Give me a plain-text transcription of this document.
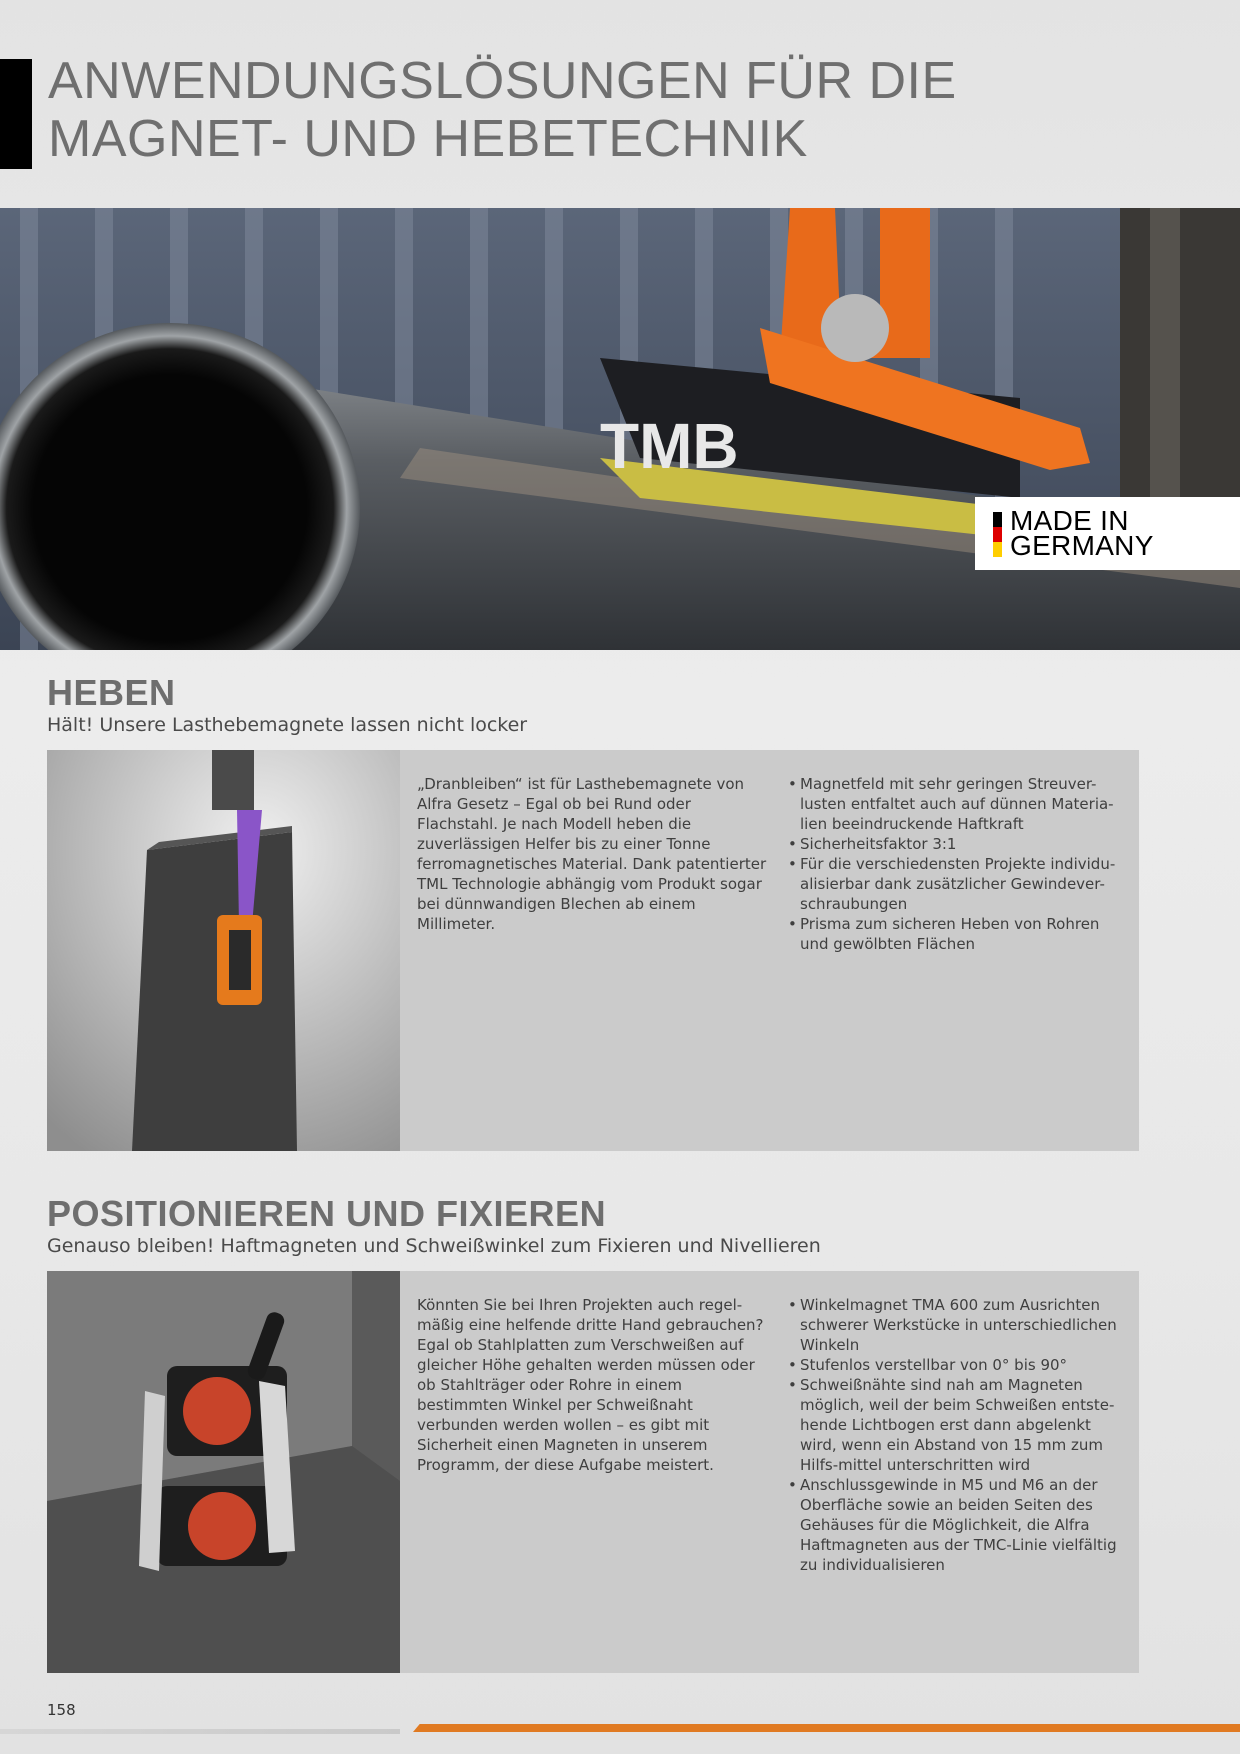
ANWENDUNGSLÖSUNGEN FÜR DIE
MAGNET- UND HEBETECHNIK
TMB
MADE IN
GERMANY
HEBEN

Hält! Unsere Lasthebemagnete lassen nicht locker

„Dranbleiben“ ist für Lasthebemagnete von Alfra Gesetz – Egal ob bei Rund oder Flachstahl. Je nach Modell heben die zuverlässigen Helfer bis zu einer Tonne ferromagnetisches Material. Dank patentierter TML Technologie abhängig vom Produkt sogar bei dünnwandigen Blechen ab einem Millimeter.

• Magnetfeld mit sehr geringen Streuver-lusten entfaltet auch auf dünnen Materia-lien beeindruckende Haftkraft
• Sicherheitsfaktor 3:1
• Für die verschiedensten Projekte individu-alisierbar dank zusätzlicher Gewindever-schraubungen
• Prisma zum sicheren Heben von Rohren und gewölbten Flächen
POSITIONIEREN UND FIXIEREN

Genauso bleiben! Haftmagneten und Schweißwinkel zum Fixieren und Nivellieren

Könnten Sie bei Ihren Projekten auch regel-mäßig eine helfende dritte Hand gebrauchen? Egal ob Stahlplatten zum Verschweißen auf gleicher Höhe gehalten werden müssen oder ob Stahlträger oder Rohre in einem bestimmten Winkel per Schweißnaht verbunden werden wollen – es gibt mit Sicherheit einen Magneten in unserem Programm, der diese Aufgabe meistert.

• Winkelmagnet TMA 600 zum Ausrichten schwerer Werkstücke in unterschiedlichen Winkeln
• Stufenlos verstellbar von 0° bis 90°
• Schweißnähte sind nah am Magneten möglich, weil der beim Schweißen entste-hende Lichtbogen erst dann abgelenkt wird, wenn ein Abstand von 15 mm zum Hilfs-mittel unterschritten wird
• Anschlussgewinde in M5 und M6 an der Oberfläche sowie an beiden Seiten des Gehäuses für die Möglichkeit, die Alfra Haftmagneten aus der TMC-Linie vielfältig zu individualisieren
158
